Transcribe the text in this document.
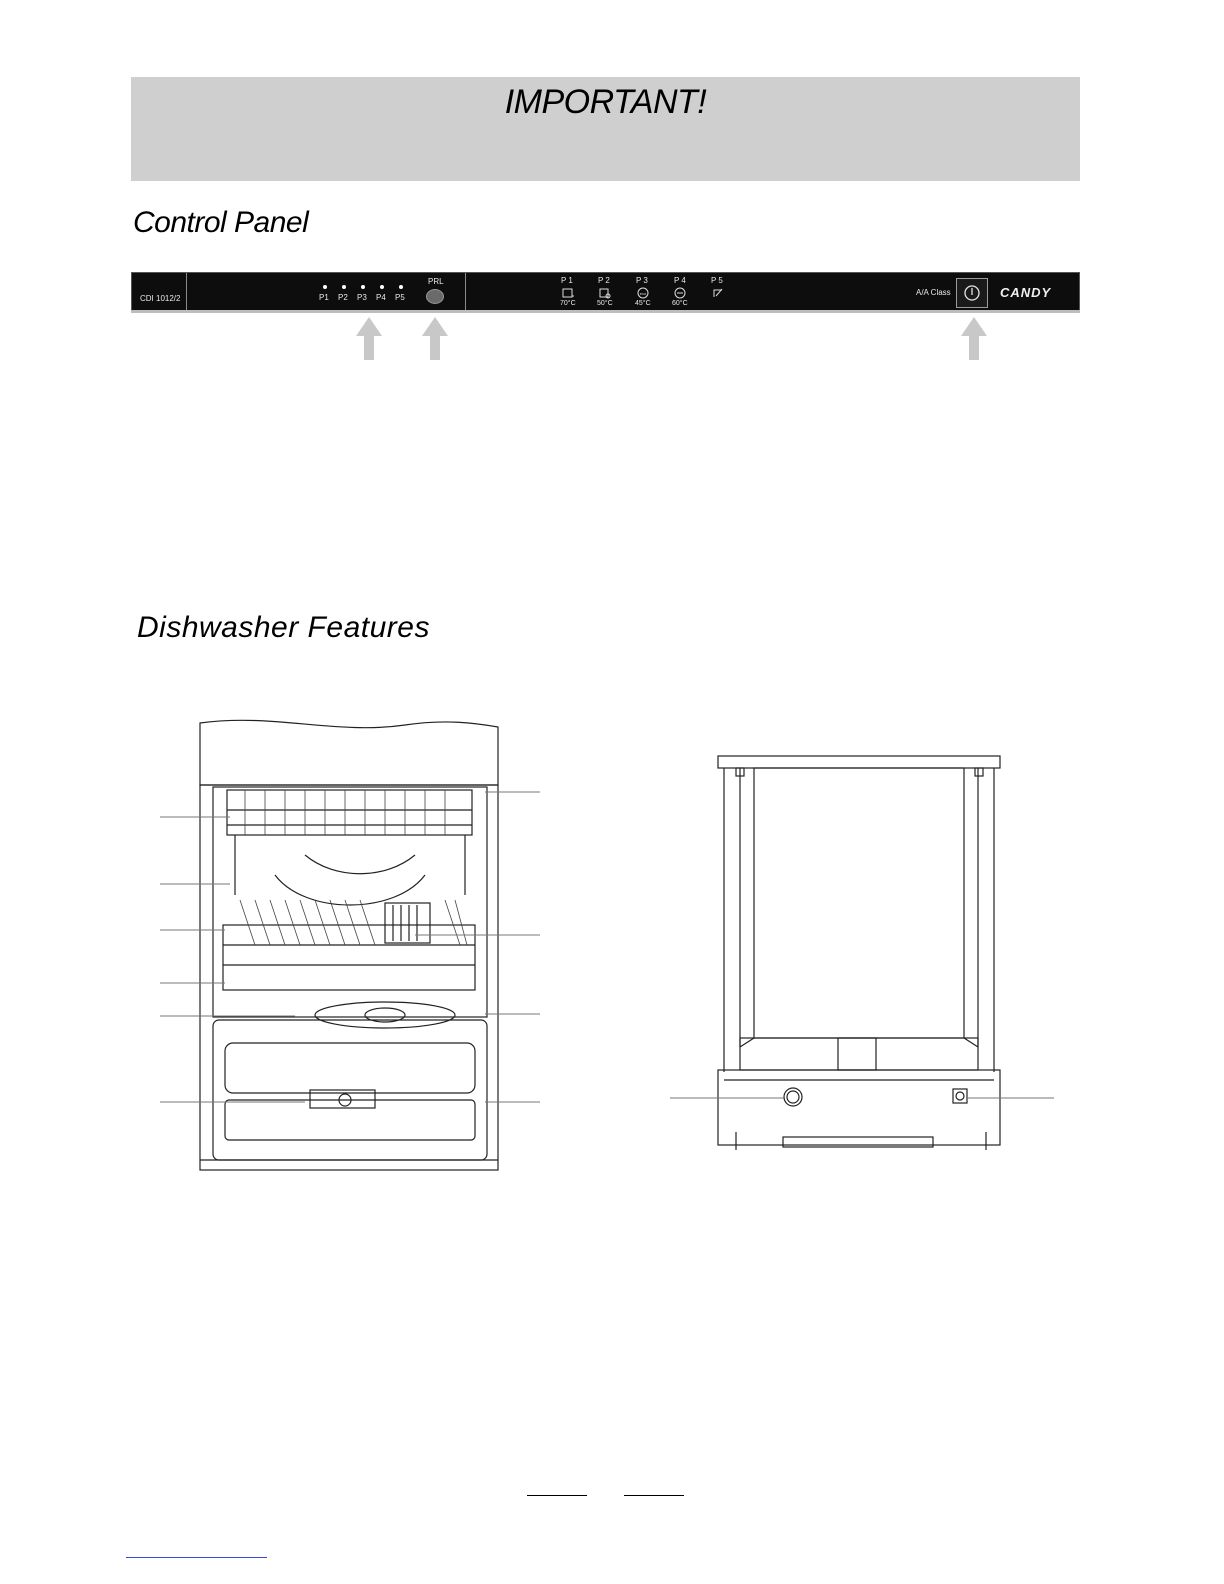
IMPORTANT!
Control Panel
CDI 1012/2	P1 P2 P3 P4 P5
PRL	P 1	P 2	P 3	P 4	P 5
eco
70°C	50°C	45°C	60°C
A/A Class	CANDY
Dishwasher Features
